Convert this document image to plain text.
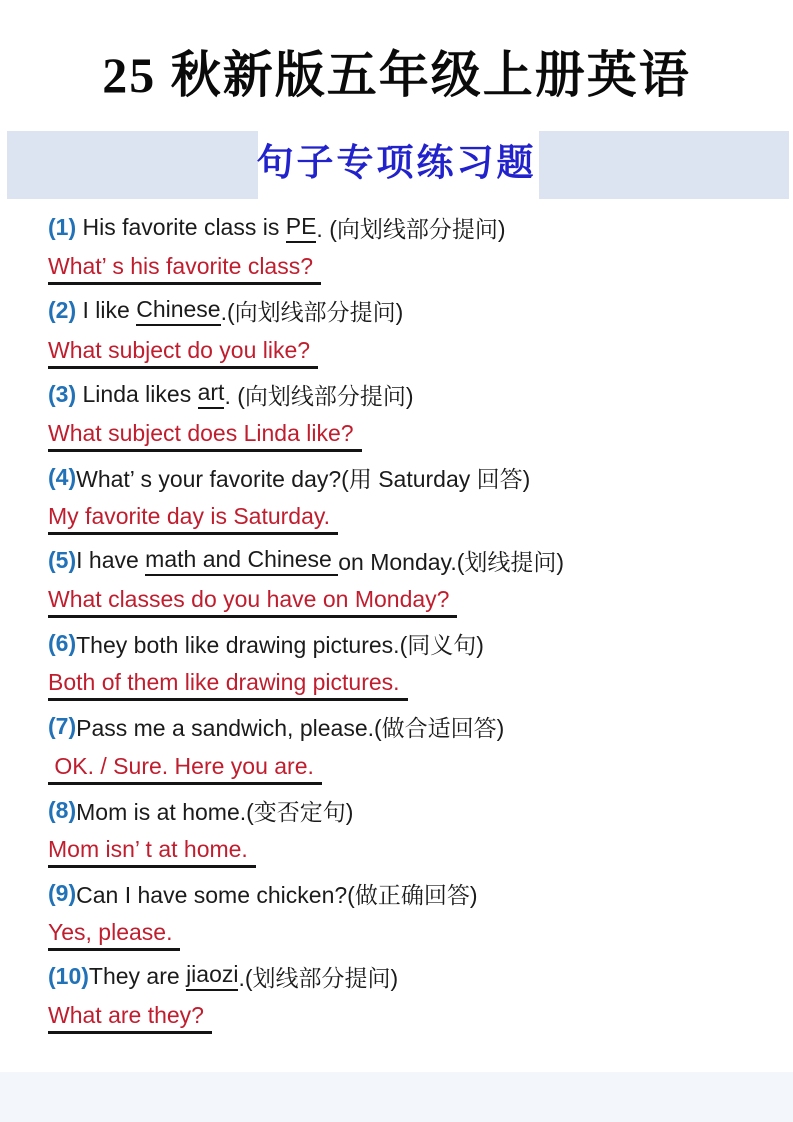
25 秋新版五年级上册英语
句子专项练习题
(1) His favorite class is PE . (向划线部分提问)
What’ s his favorite class?
(2) I like Chinese .(向划线部分提问)
What subject do you like?
(3) Linda likes art . (向划线部分提问)
What subject does Linda like?
(4) What’ s your favorite day?(用 Saturday 回答)
My favorite day is Saturday.
(5) I have math and Chinese on Monday.(划线提问)
What classes do you have on Monday?
(6) They both like drawing pictures.(同义句)
Both of them like drawing pictures.
(7) Pass me a sandwich, please.(做合适回答)
OK. / Sure. Here you are.
(8) Mom is at home.(变否定句)
Mom isn’ t at home.
(9) Can I have some chicken?(做正确回答)
Yes, please.
(10) They are jiaozi .(划线部分提问)
What are they?
